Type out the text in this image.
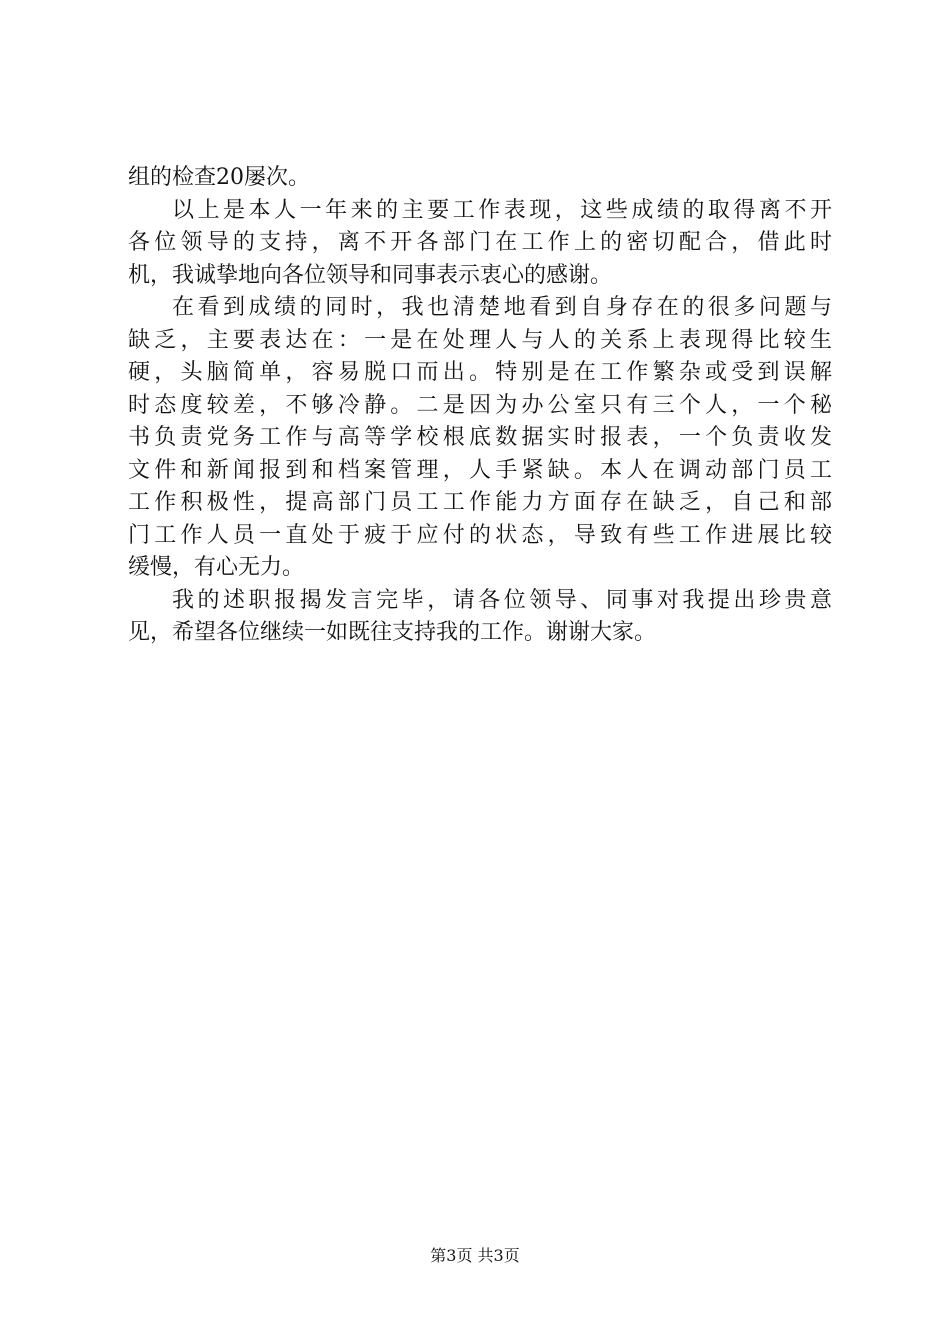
组的检查20屡次。
以上是本人一年来的主要工作表现，这些成绩的取得离不开
各位领导的支持，离不开各部门在工作上的密切配合，借此时
机，我诚挚地向各位领导和同事表示衷心的感谢。
在看到成绩的同时，我也清楚地看到自身存在的很多问题与
缺乏，主要表达在：一是在处理人与人的关系上表现得比较生
硬，头脑简单，容易脱口而出。特别是在工作繁杂或受到误解
时态度较差，不够冷静。二是因为办公室只有三个人，一个秘
书负责党务工作与高等学校根底数据实时报表，一个负责收发
文件和新闻报到和档案管理，人手紧缺。本人在调动部门员工
工作积极性，提高部门员工工作能力方面存在缺乏，自己和部
门工作人员一直处于疲于应付的状态，导致有些工作进展比较
缓慢，有心无力。
我的述职报揭发言完毕，请各位领导、同事对我提出珍贵意
见，希望各位继续一如既往支持我的工作。谢谢大家。
第3页 共3页
